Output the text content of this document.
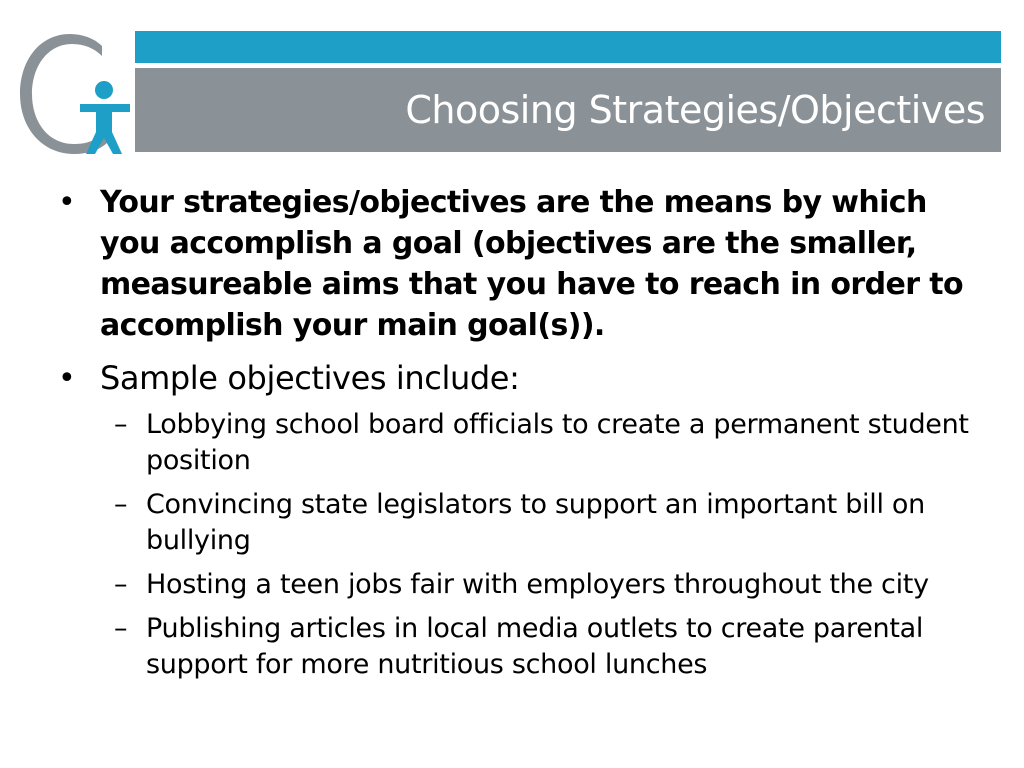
Choosing Strategies/Objectives
• Your strategies/objectives are the means by which you accomplish a goal (objectives are the smaller, measureable aims that you have to reach in order to accomplish your main goal(s)).
• Sample objectives include:
– Lobbying school board officials to create a permanent student position
– Convincing state legislators to support an important bill on bullying
– Hosting a teen jobs fair with employers throughout the city
– Publishing articles in local media outlets to create parental support for more nutritious school lunches
